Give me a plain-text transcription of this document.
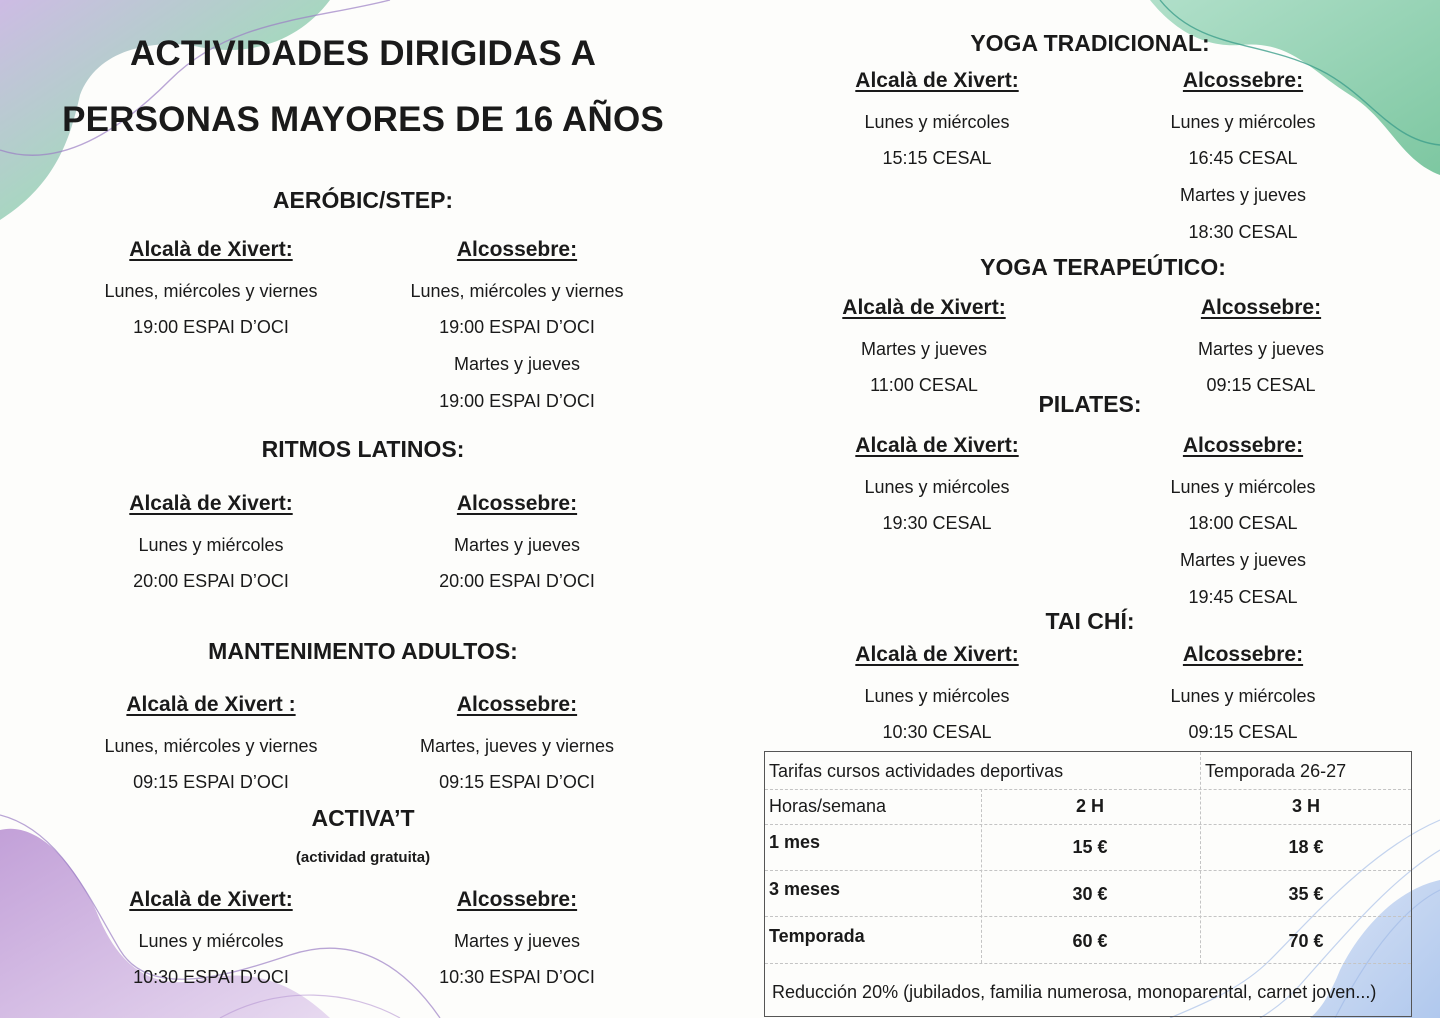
ACTIVIDADES DIRIGIDAS A
PERSONAS MAYORES DE 16 AÑOS
AERÓBIC/STEP:
Alcalà de Xivert:
Lunes, miércoles y viernes
19:00 ESPAI D’OCI
Alcossebre:
Lunes, miércoles y viernes
19:00 ESPAI D’OCI
Martes y jueves
19:00 ESPAI D’OCI
RITMOS LATINOS:
Alcalà de Xivert:
Lunes y miércoles
20:00 ESPAI D’OCI
Alcossebre:
Martes y jueves
20:00 ESPAI D’OCI
MANTENIMENTO ADULTOS:
Alcalà de Xivert :
Lunes, miércoles y viernes
09:15 ESPAI D’OCI
Alcossebre:
Martes, jueves y viernes
09:15 ESPAI D’OCI
ACTIVA’T
(actividad gratuita)
Alcalà de Xivert:
Lunes y miércoles
10:30 ESPAI D’OCI
Alcossebre:
Martes y jueves
10:30 ESPAI D’OCI
YOGA TRADICIONAL:
Alcalà de Xivert:
Lunes y miércoles
15:15 CESAL
Alcossebre:
Lunes y miércoles
16:45 CESAL
Martes y jueves
18:30 CESAL
YOGA TERAPEÚTICO:
Alcalà de Xivert:
Martes y jueves
11:00 CESAL
Alcossebre:
Martes y jueves
09:15 CESAL
PILATES:
Alcalà de Xivert:
Lunes y miércoles
19:30 CESAL
Alcossebre:
Lunes y miércoles
18:00 CESAL
Martes y jueves
19:45 CESAL
TAI CHÍ:
Alcalà de Xivert:
Lunes y miércoles
10:30 CESAL
Alcossebre:
Lunes y miércoles
09:15 CESAL
Tarifas cursos actividades deportivas	Temporada 26-27
Horas/semana	2 H	3 H
1 mes	15 €	18 €
3 meses	30 €	35 €
Temporada	60 €	70 €
Reducción 20% (jubilados, familia numerosa, monoparental, carnet joven...)
